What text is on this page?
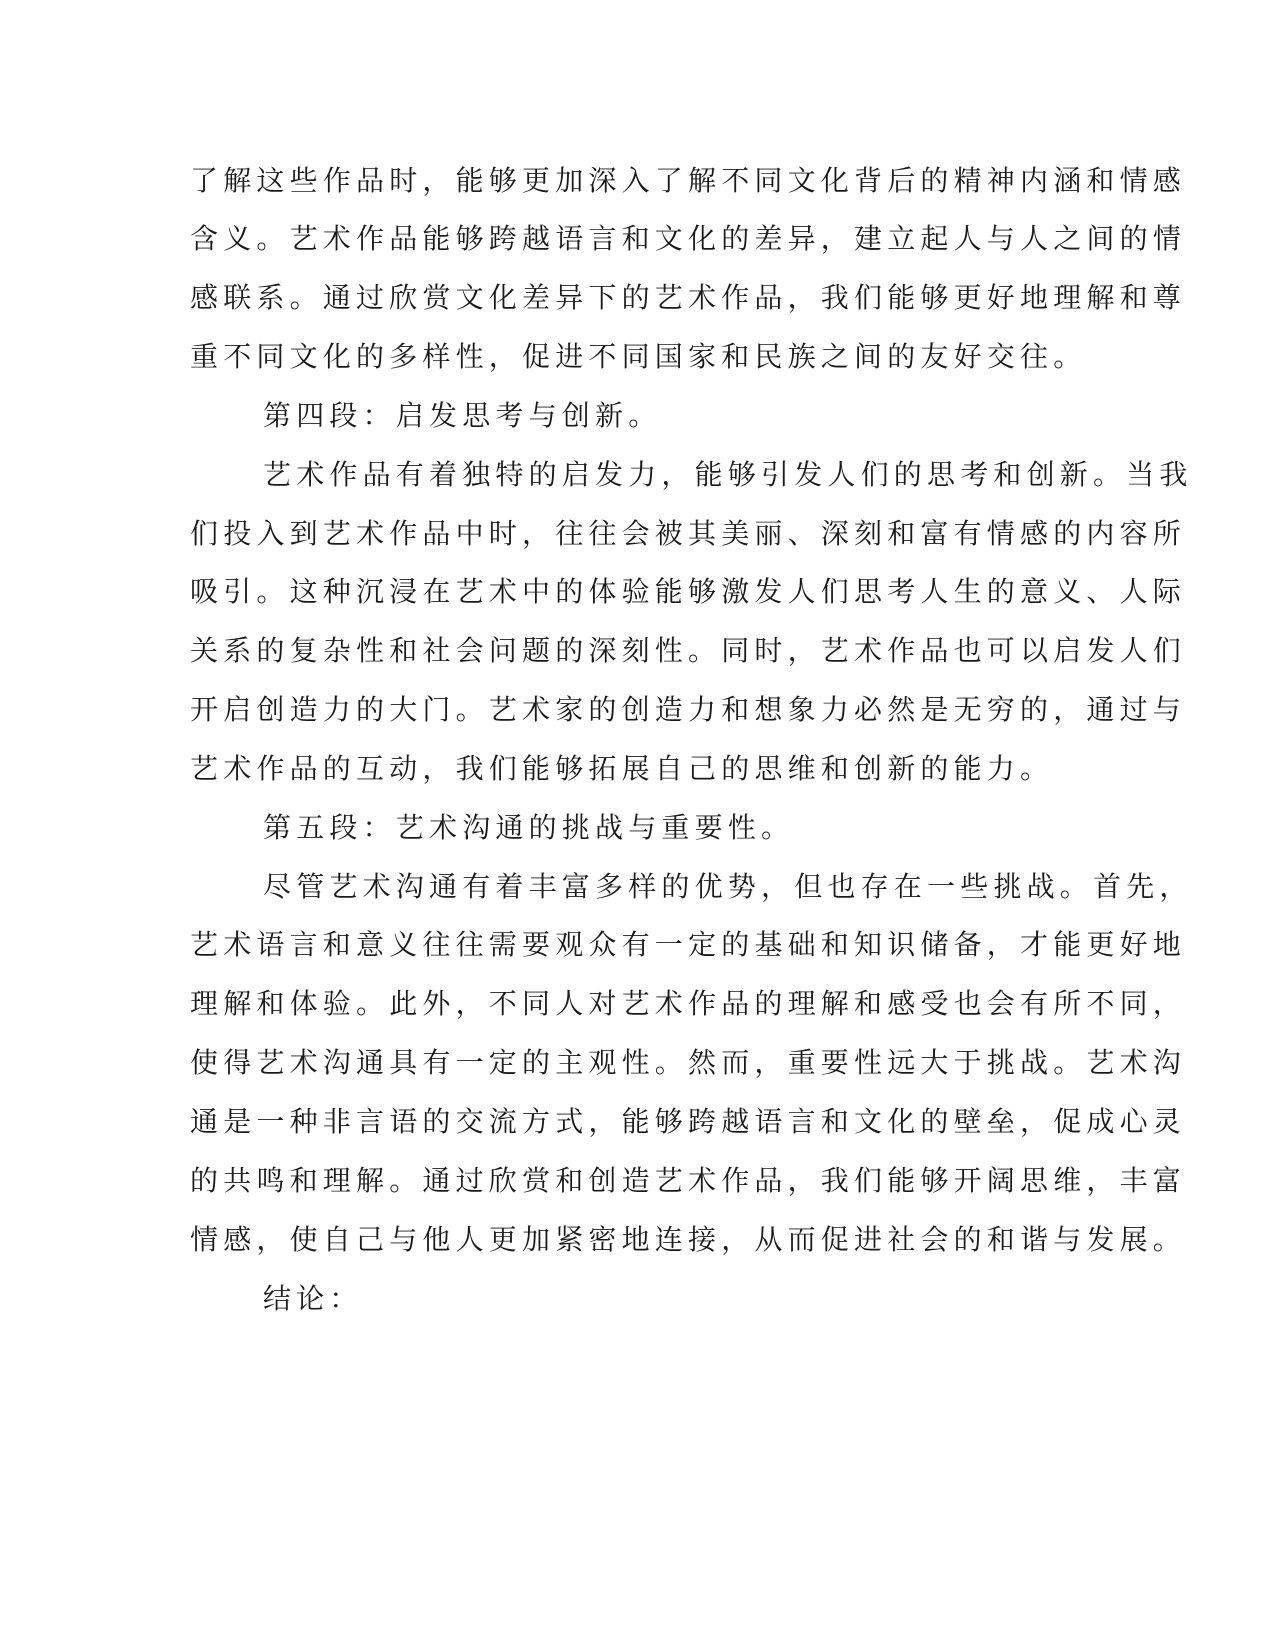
了解这些作品时，能够更加深入了解不同文化背后的精神内涵和情感

含义。艺术作品能够跨越语言和文化的差异，建立起人与人之间的情

感联系。通过欣赏文化差异下的艺术作品，我们能够更好地理解和尊

重不同文化的多样性，促进不同国家和民族之间的友好交往。

第四段：启发思考与创新。

艺术作品有着独特的启发力，能够引发人们的思考和创新。当我

们投入到艺术作品中时，往往会被其美丽、深刻和富有情感的内容所

吸引。这种沉浸在艺术中的体验能够激发人们思考人生的意义、人际

关系的复杂性和社会问题的深刻性。同时，艺术作品也可以启发人们

开启创造力的大门。艺术家的创造力和想象力必然是无穷的，通过与

艺术作品的互动，我们能够拓展自己的思维和创新的能力。

第五段：艺术沟通的挑战与重要性。

尽管艺术沟通有着丰富多样的优势，但也存在一些挑战。首先，

艺术语言和意义往往需要观众有一定的基础和知识储备，才能更好地

理解和体验。此外，不同人对艺术作品的理解和感受也会有所不同，

使得艺术沟通具有一定的主观性。然而，重要性远大于挑战。艺术沟

通是一种非言语的交流方式，能够跨越语言和文化的壁垒，促成心灵

的共鸣和理解。通过欣赏和创造艺术作品，我们能够开阔思维，丰富

情感，使自己与他人更加紧密地连接，从而促进社会的和谐与发展。

结论：
